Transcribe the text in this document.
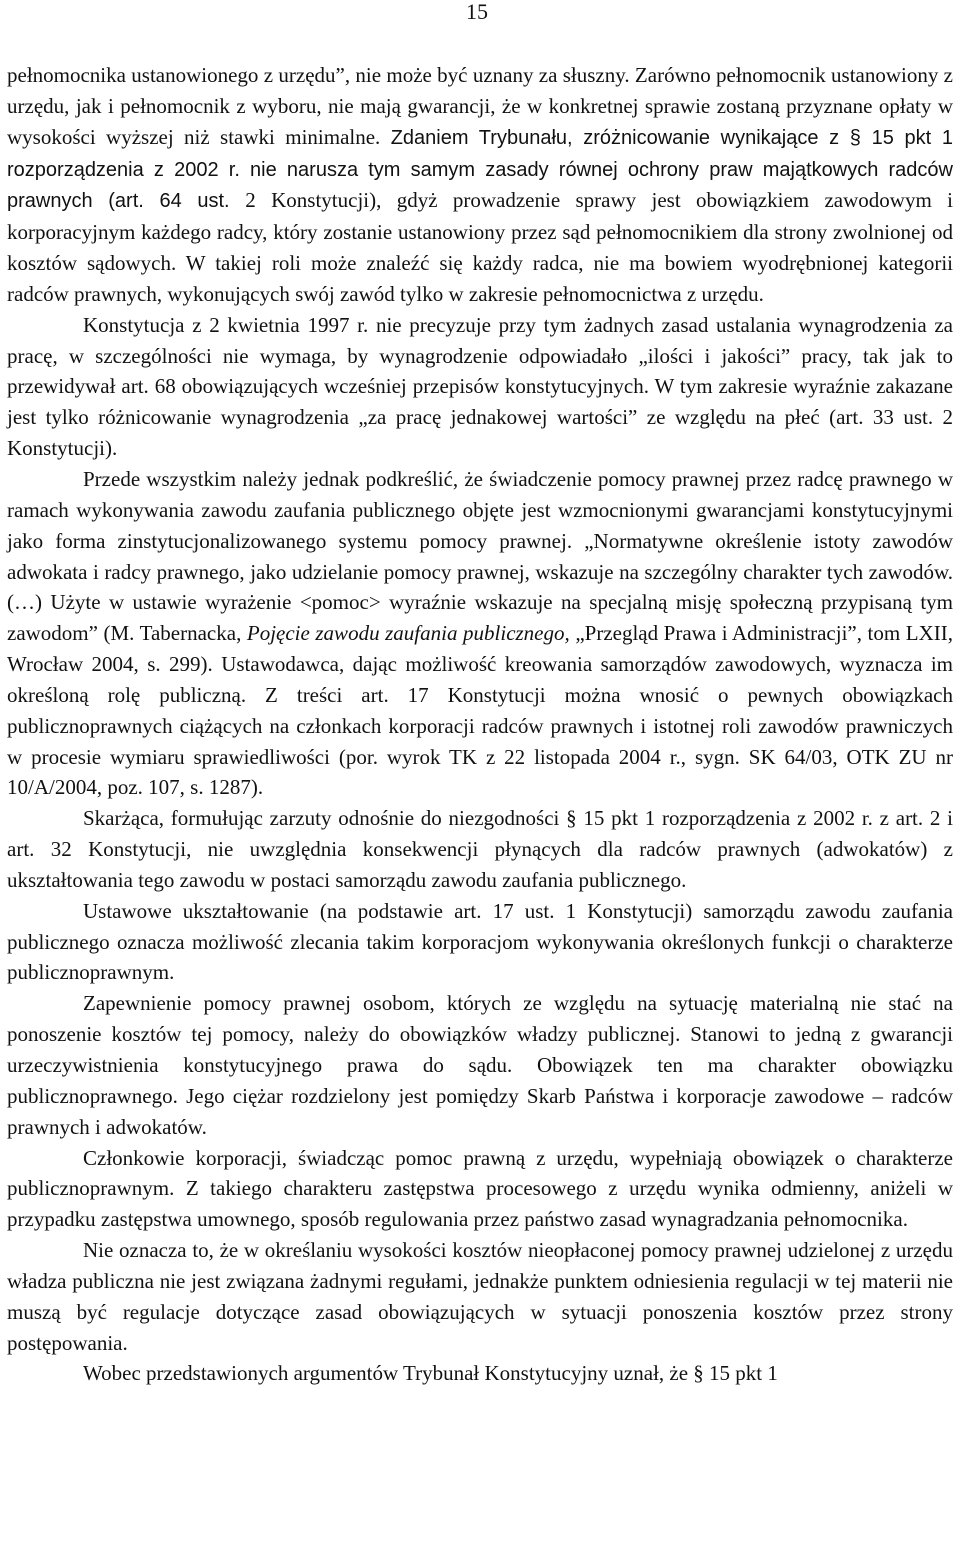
15

pełnomocnika ustanowionego z urzędu”, nie może być uznany za słuszny. Zarówno pełnomocnik ustanowiony z urzędu, jak i pełnomocnik z wyboru, nie mają gwarancji, że w konkretnej sprawie zostaną przyznane opłaty w wysokości wyższej niż stawki minimalne. Zdaniem Trybunału, zróżnicowanie wynikające z § 15 pkt 1 rozporządzenia z 2002 r. nie narusza tym samym zasady równej ochrony praw majątkowych radców prawnych (art. 64 ust. 2 Konstytucji), gdyż prowadzenie sprawy jest obowiązkiem zawodowym i korporacyjnym każdego radcy, który zostanie ustanowiony przez sąd pełnomocnikiem dla strony zwolnionej od kosztów sądowych. W takiej roli może znaleźć się każdy radca, nie ma bowiem wyodrębnionej kategorii radców prawnych, wykonujących swój zawód tylko w zakresie pełnomocnictwa z urzędu.

Konstytucja z 2 kwietnia 1997 r. nie precyzuje przy tym żadnych zasad ustalania wynagrodzenia za pracę, w szczególności nie wymaga, by wynagrodzenie odpowiadało „ilości i jakości” pracy, tak jak to przewidywał art. 68 obowiązujących wcześniej przepisów konstytucyjnych. W tym zakresie wyraźnie zakazane jest tylko różnicowanie wynagrodzenia „za pracę jednakowej wartości” ze względu na płeć (art. 33 ust. 2 Konstytucji).

Przede wszystkim należy jednak podkreślić, że świadczenie pomocy prawnej przez radcę prawnego w ramach wykonywania zawodu zaufania publicznego objęte jest wzmocnionymi gwarancjami konstytucyjnymi jako forma zinstytucjonalizowanego systemu pomocy prawnej. „Normatywne określenie istoty zawodów adwokata i radcy prawnego, jako udzielanie pomocy prawnej, wskazuje na szczególny charakter tych zawodów. (…) Użyte w ustawie wyrażenie <pomoc> wyraźnie wskazuje na specjalną misję społeczną przypisaną tym zawodom” (M. Tabernacka, Pojęcie zawodu zaufania publicznego, „Przegląd Prawa i Administracji”, tom LXII, Wrocław 2004, s. 299). Ustawodawca, dając możliwość kreowania samorządów zawodowych, wyznacza im określoną rolę publiczną. Z treści art. 17 Konstytucji można wnosić o pewnych obowiązkach publicznoprawnych ciążących na członkach korporacji radców prawnych i istotnej roli zawodów prawniczych w procesie wymiaru sprawiedliwości (por. wyrok TK z 22 listopada 2004 r., sygn. SK 64/03, OTK ZU nr 10/A/2004, poz. 107, s. 1287).

Skarżąca, formułując zarzuty odnośnie do niezgodności § 15 pkt 1 rozporządzenia z 2002 r. z art. 2 i art. 32 Konstytucji, nie uwzględnia konsekwencji płynących dla radców prawnych (adwokatów) z ukształtowania tego zawodu w postaci samorządu zawodu zaufania publicznego.

Ustawowe ukształtowanie (na podstawie art. 17 ust. 1 Konstytucji) samorządu zawodu zaufania publicznego oznacza możliwość zlecania takim korporacjom wykonywania określonych funkcji o charakterze publicznoprawnym.

Zapewnienie pomocy prawnej osobom, których ze względu na sytuację materialną nie stać na ponoszenie kosztów tej pomocy, należy do obowiązków władzy publicznej. Stanowi to jedną z gwarancji urzeczywistnienia konstytucyjnego prawa do sądu. Obowiązek ten ma charakter obowiązku publicznoprawnego. Jego ciężar rozdzielony jest pomiędzy Skarb Państwa i korporacje zawodowe – radców prawnych i adwokatów.

Członkowie korporacji, świadcząc pomoc prawną z urzędu, wypełniają obowiązek o charakterze publicznoprawnym. Z takiego charakteru zastępstwa procesowego z urzędu wynika odmienny, aniżeli w przypadku zastępstwa umownego, sposób regulowania przez państwo zasad wynagradzania pełnomocnika.

Nie oznacza to, że w określaniu wysokości kosztów nieopłaconej pomocy prawnej udzielonej z urzędu władza publiczna nie jest związana żadnymi regułami, jednakże punktem odniesienia regulacji w tej materii nie muszą być regulacje dotyczące zasad obowiązujących w sytuacji ponoszenia kosztów przez strony postępowania.

Wobec przedstawionych argumentów Trybunał Konstytucyjny uznał, że § 15 pkt 1
